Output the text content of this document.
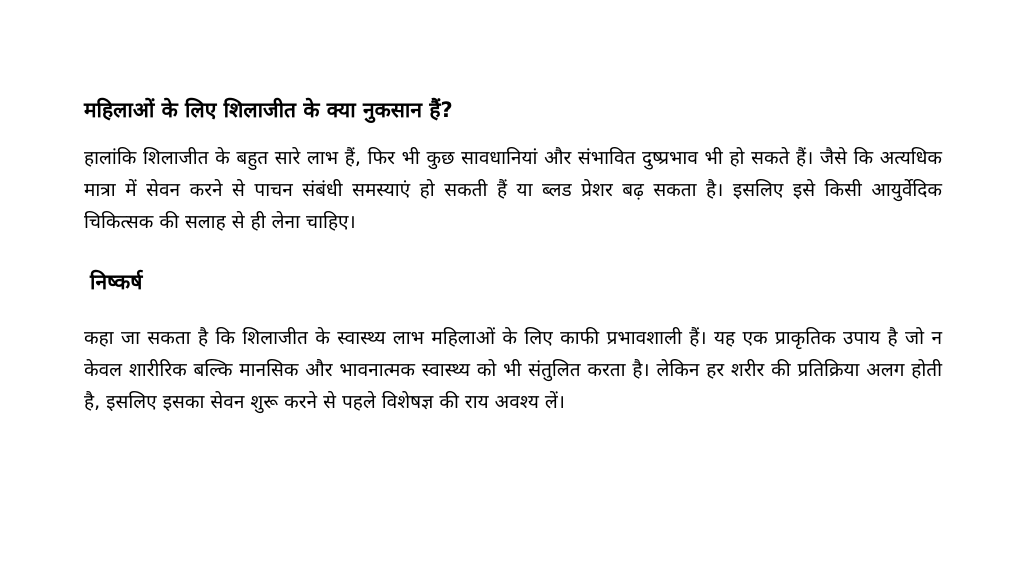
महिलाओं के लिए शिलाजीत के क्या नुकसान हैं?

हालांकि शिलाजीत के बहुत सारे लाभ हैं, फिर भी कुछ सावधानियां और संभावित दुष्प्रभाव भी हो सकते हैं। जैसे कि अत्यधिक मात्रा में सेवन करने से पाचन संबंधी समस्याएं हो सकती हैं या ब्लड प्रेशर बढ़ सकता है। इसलिए इसे किसी आयुर्वेदिक चिकित्सक की सलाह से ही लेना चाहिए।

निष्कर्ष

कहा जा सकता है कि शिलाजीत के स्वास्थ्य लाभ महिलाओं के लिए काफी प्रभावशाली हैं। यह एक प्राकृतिक उपाय है जो न केवल शारीरिक बल्कि मानसिक और भावनात्मक स्वास्थ्य को भी संतुलित करता है। लेकिन हर शरीर की प्रतिक्रिया अलग होती है, इसलिए इसका सेवन शुरू करने से पहले विशेषज्ञ की राय अवश्य लें।
